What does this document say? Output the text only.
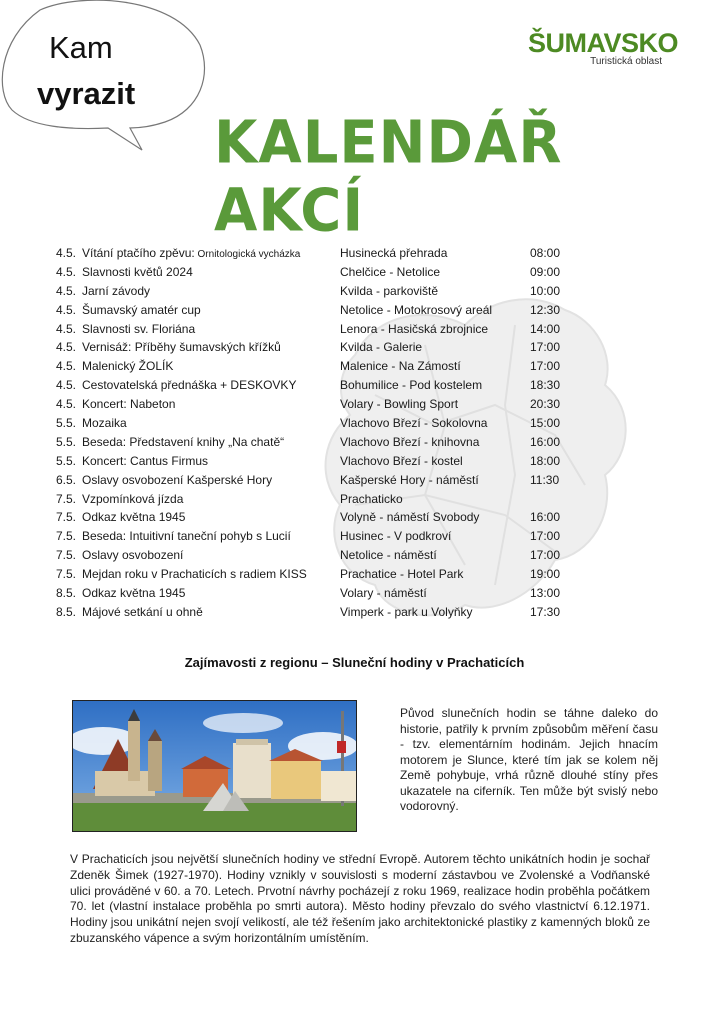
Kam
vyrazit
ŠUMAVSKO
Turistická oblast
KALENDÁŘ AKCÍ
4.5. Vítání ptačího zpěvu: Ornitologická vycházka	Husinecká přehrada	08:00
4.5. Slavnosti květů 2024	Chelčice - Netolice	09:00
4.5. Jarní závody	Kvilda - parkoviště	10:00
4.5. Šumavský amatér cup	Netolice - Motokrosový areál	12:30
4.5. Slavnosti sv. Floriána	Lenora - Hasičská zbrojnice	14:00
4.5. Vernisáž: Příběhy šumavských křížků	Kvilda - Galerie	17:00
4.5. Malenický ŽOLÍK	Malenice - Na Zámostí	17:00
4.5. Cestovatelská přednáška + DESKOVKY	Bohumilice - Pod kostelem	18:30
4.5. Koncert: Nabeton	Volary - Bowling Sport	20:30
5.5. Mozaika	Vlachovo Březí - Sokolovna	15:00
5.5. Beseda: Představení knihy „Na chatě“	Vlachovo Březí - knihovna	16:00
5.5. Koncert: Cantus Firmus	Vlachovo Březí - kostel	18:00
6.5. Oslavy osvobození Kašperské Hory	Kašperské Hory - náměstí	11:30
7.5. Vzpomínková jízda	Prachaticko
7.5. Odkaz května 1945	Volyně - náměstí Svobody	16:00
7.5. Beseda: Intuitivní taneční pohyb s Lucií	Husinec - V podkroví	17:00
7.5. Oslavy osvobození	Netolice - náměstí	17:00
7.5. Mejdan roku v Prachaticích s radiem KISS	Prachatice - Hotel Park	19:00
8.5. Odkaz května 1945	Volary - náměstí	13:00
8.5. Májové setkání u ohně	Vimperk - park u Volyňky	17:30
Zajímavosti z regionu – Sluneční hodiny v Prachaticích
Původ slunečních hodin se táhne daleko do historie, patřily k prvním způsobům měření času - tzv. elementárním hodinám. Jejich hnacím motorem je Slunce, které tím jak se kolem něj Země pohybuje, vrhá různě dlouhé stíny přes ukazatele na ciferník. Ten může být svislý nebo vodorovný.
V Prachaticích jsou největší slunečních hodiny ve střední Evropě. Autorem těchto unikátních hodin je sochař Zdeněk Šimek (1927-1970). Hodiny vznikly v souvislosti s moderní zástavbou ve Zvolenské a Vodňanské ulici prováděné v 60. a 70. Letech. Prvotní návrhy pocházejí z roku 1969, realizace hodin proběhla počátkem 70. let (vlastní instalace proběhla po smrti autora). Město hodiny převzalo do svého vlastnictví 6.12.1971. Hodiny jsou unikátní nejen svojí velikostí, ale též řešením jako architektonické plastiky z kamenných bloků ze zbuzanského vápence a svým horizontálním umístěním.
